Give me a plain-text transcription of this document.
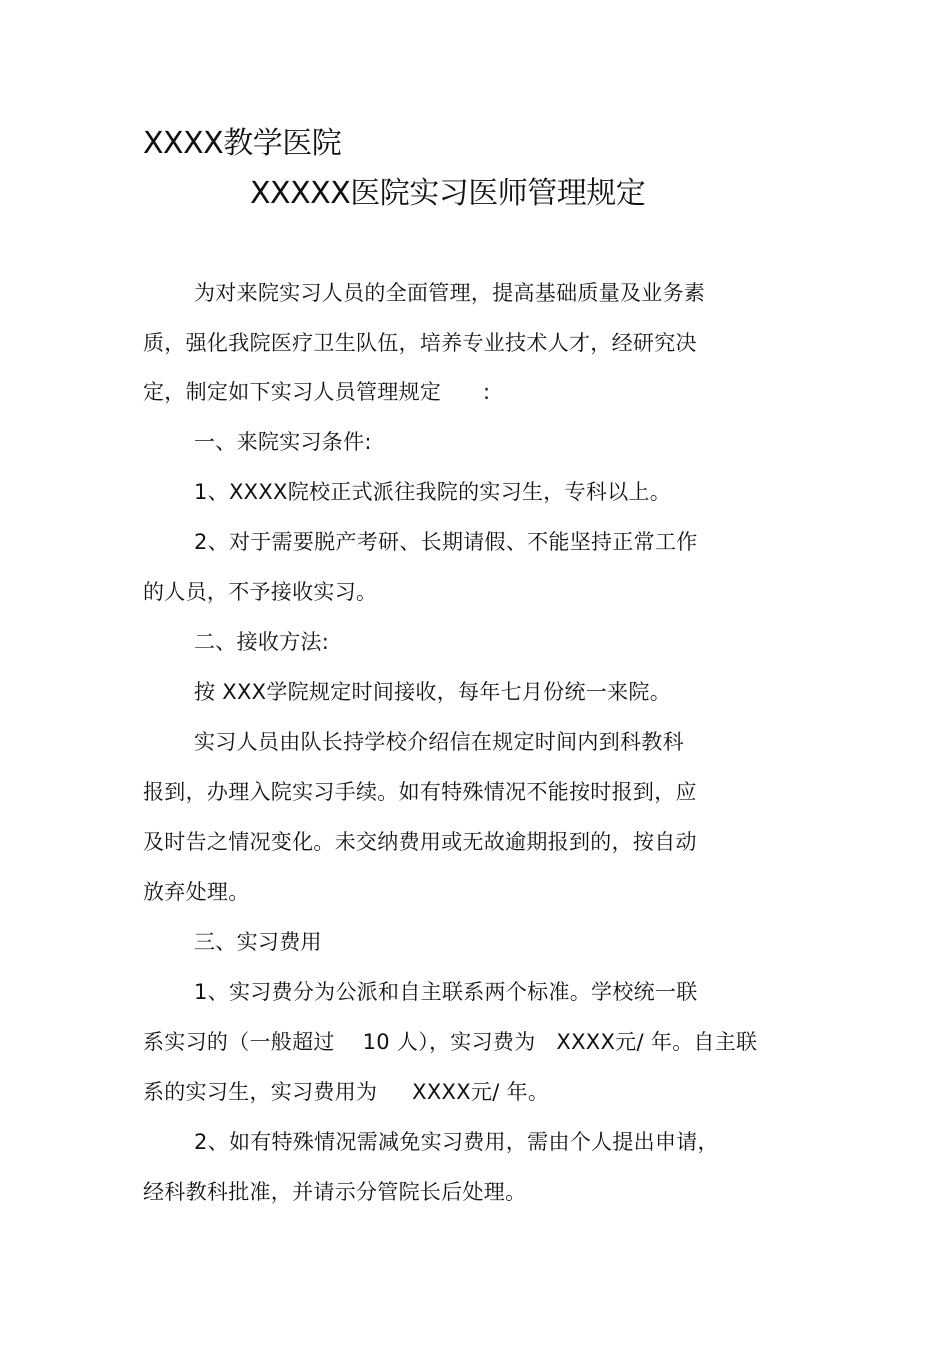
XXXX教学医院
XXXXX医院实习医师管理规定
为对来院实习人员的全面管理，提高基础质量及业务素
质，强化我院医疗卫生队伍，培养专业技术人才，经研究决
定，制定如下实习人员管理规定      :
一、来院实习条件:
1、XXXX院校正式派往我院的实习生，专科以上。
2、对于需要脱产考研、长期请假、不能坚持正常工作
的人员，不予接收实习。
二、接收方法:
按 XXX学院规定时间接收，每年七月份统一来院。
实习人员由队长持学校介绍信在规定时间内到科教科
报到，办理入院实习手续。如有特殊情况不能按时报到，应
及时告之情况变化。未交纳费用或无故逾期报到的，按自动
放弃处理。
三、实习费用
1、实习费分为公派和自主联系两个标准。学校统一联
系实习的（一般超过    10 人），实习费为   XXXX元/ 年。自主联
系的实习生，实习费用为     XXXX元/ 年。
2、如有特殊情况需减免实习费用，需由个人提出申请，
经科教科批准，并请示分管院长后处理。
